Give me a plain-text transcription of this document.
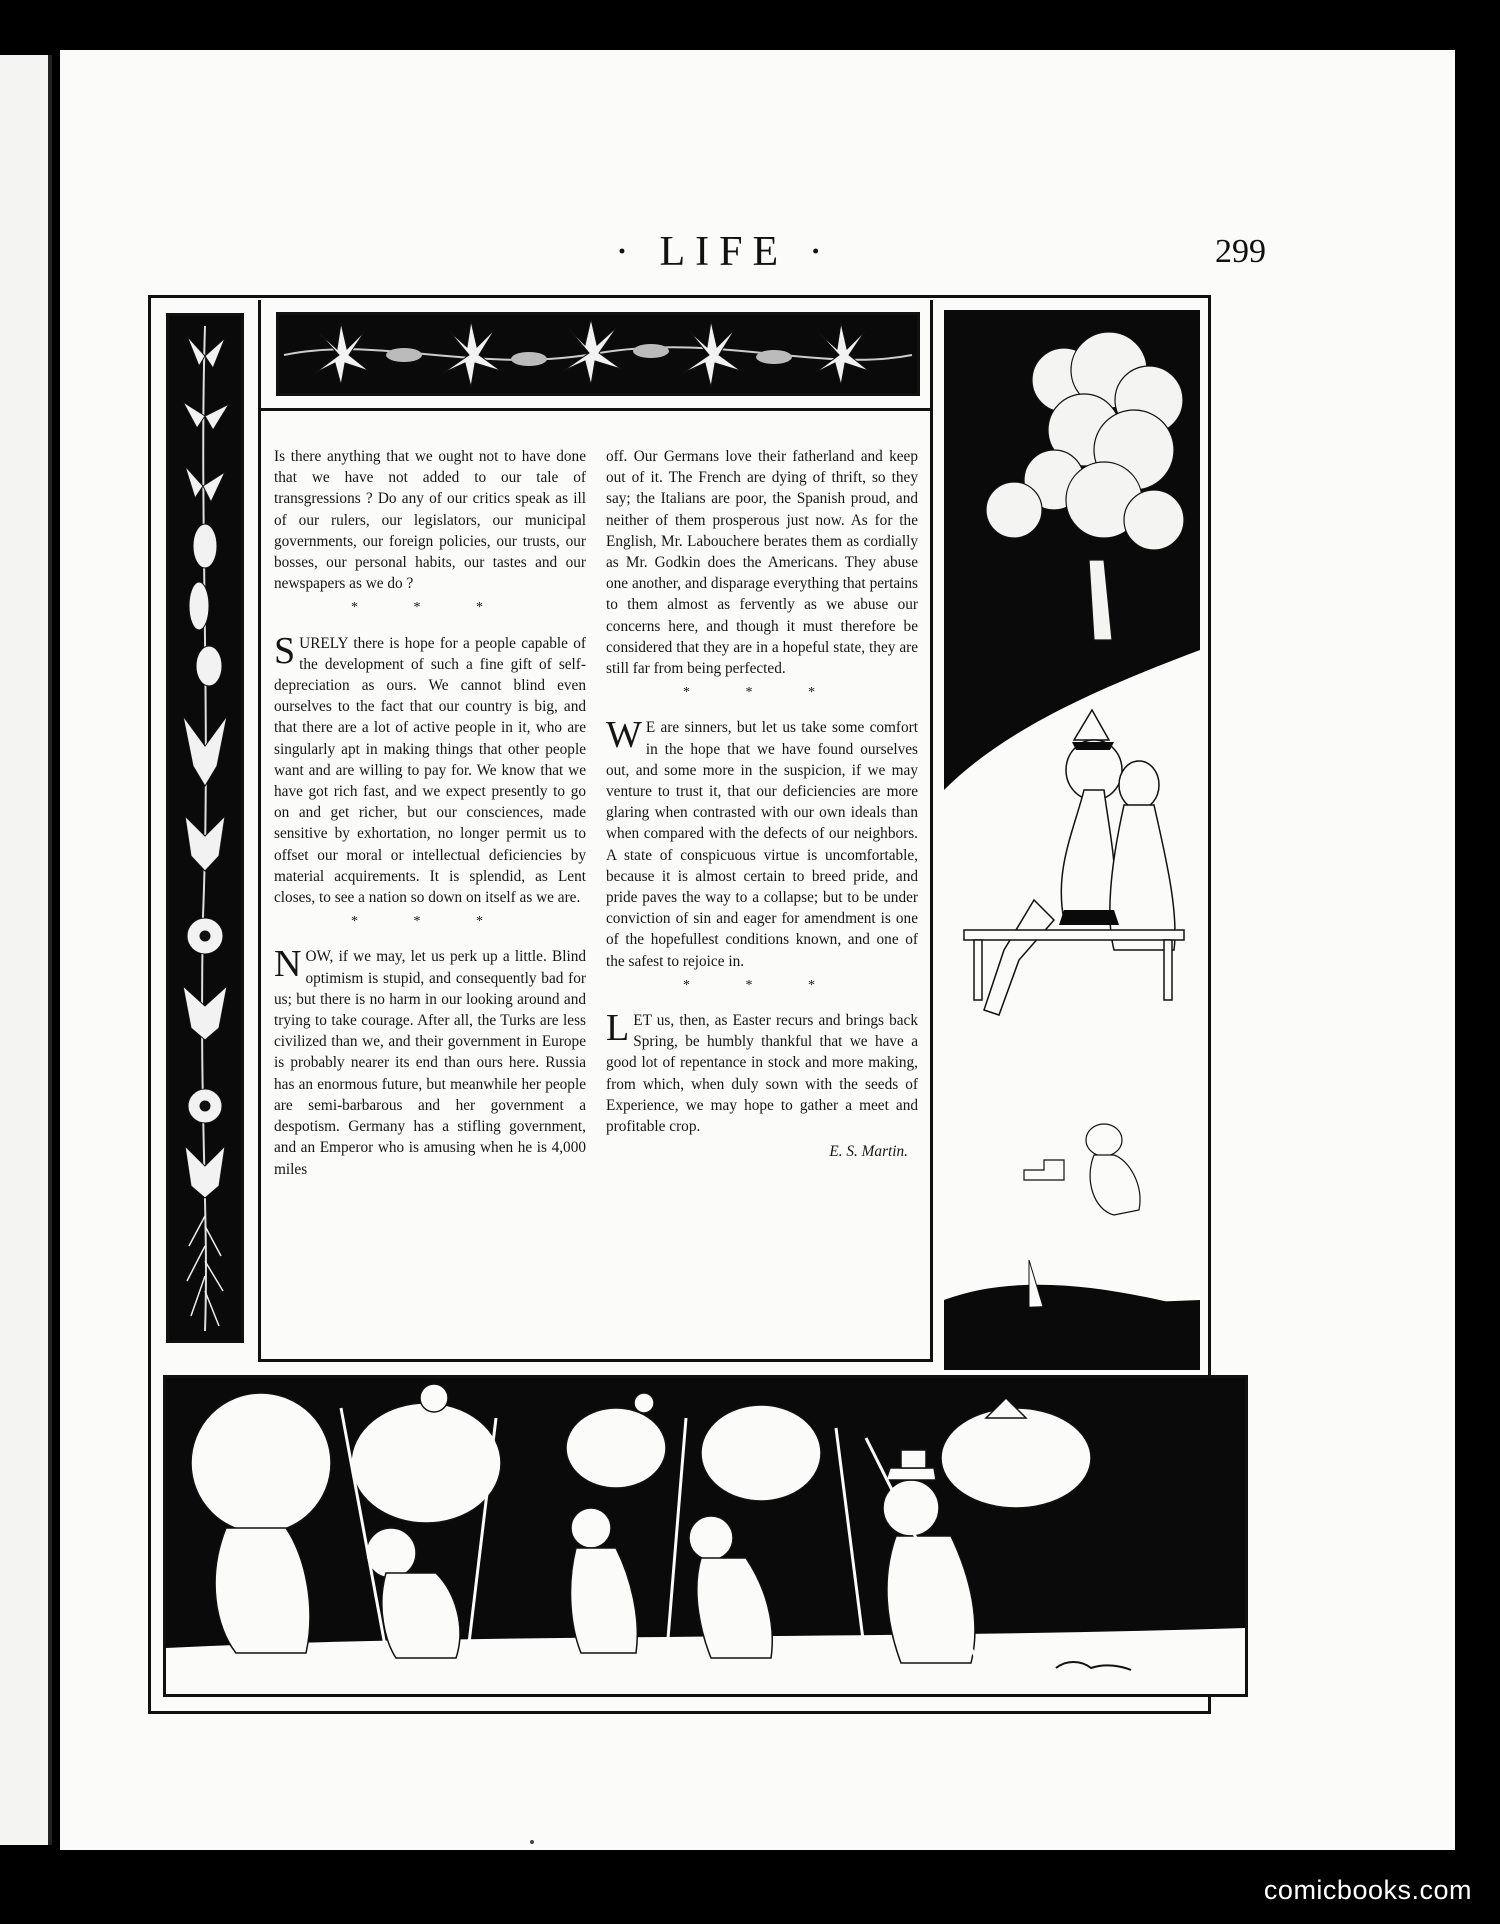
· LIFE ·	299

Is there anything that we ought not to have done that we have not added to our tale of transgressions ? Do any of our critics speak as ill of our rulers, our legislators, our municipal governments, our foreign policies, our trusts, our bosses, our personal habits, our tastes and our newspapers as we do ?

* * *

SURELY there is hope for a people capable of the development of such a fine gift of self-depreciation as ours. We cannot blind even ourselves to the fact that our country is big, and that there are a lot of active people in it, who are singularly apt in making things that other people want and are willing to pay for. We know that we have got rich fast, and we expect presently to go on and get richer, but our consciences, made sensitive by exhortation, no longer permit us to offset our moral or intellectual deficiencies by material acquirements. It is splendid, as Lent closes, to see a nation so down on itself as we are.

* * *

NOW, if we may, let us perk up a little. Blind optimism is stupid, and consequently bad for us; but there is no harm in our looking around and trying to take courage. After all, the Turks are less civilized than we, and their government in Europe is probably nearer its end than ours here. Russia has an enormous future, but meanwhile her people are semi-barbarous and her government a despotism. Germany has a stifling government, and an Emperor who is amusing when he is 4,000 miles

off. Our Germans love their fatherland and keep out of it. The French are dying of thrift, so they say; the Italians are poor, the Spanish proud, and neither of them prosperous just now. As for the English, Mr. Labouchere berates them as cordially as Mr. Godkin does the Americans. They abuse one another, and disparage everything that pertains to them almost as fervently as we abuse our concerns here, and though it must therefore be considered that they are in a hopeful state, they are still far from being perfected.

* * *

W E are sinners, but let us take some comfort in the hope that we have found ourselves out, and some more in the suspicion, if we may venture to trust it, that our deficiencies are more glaring when contrasted with our own ideals than when compared with the defects of our neighbors. A state of conspicuous virtue is uncomfortable, because it is almost certain to breed pride, and pride paves the way to a collapse; but to be under conviction of sin and eager for amendment is one of the hopefullest conditions known, and one of the safest to rejoice in.

* * *

LET us, then, as Easter recurs and brings back Spring, be humbly thankful that we have a good lot of repentance in stock and more making, from which, when duly sown with the seeds of Experience, we may hope to gather a meet and profitable crop.

E. S. Martin.

comicbooks.com
